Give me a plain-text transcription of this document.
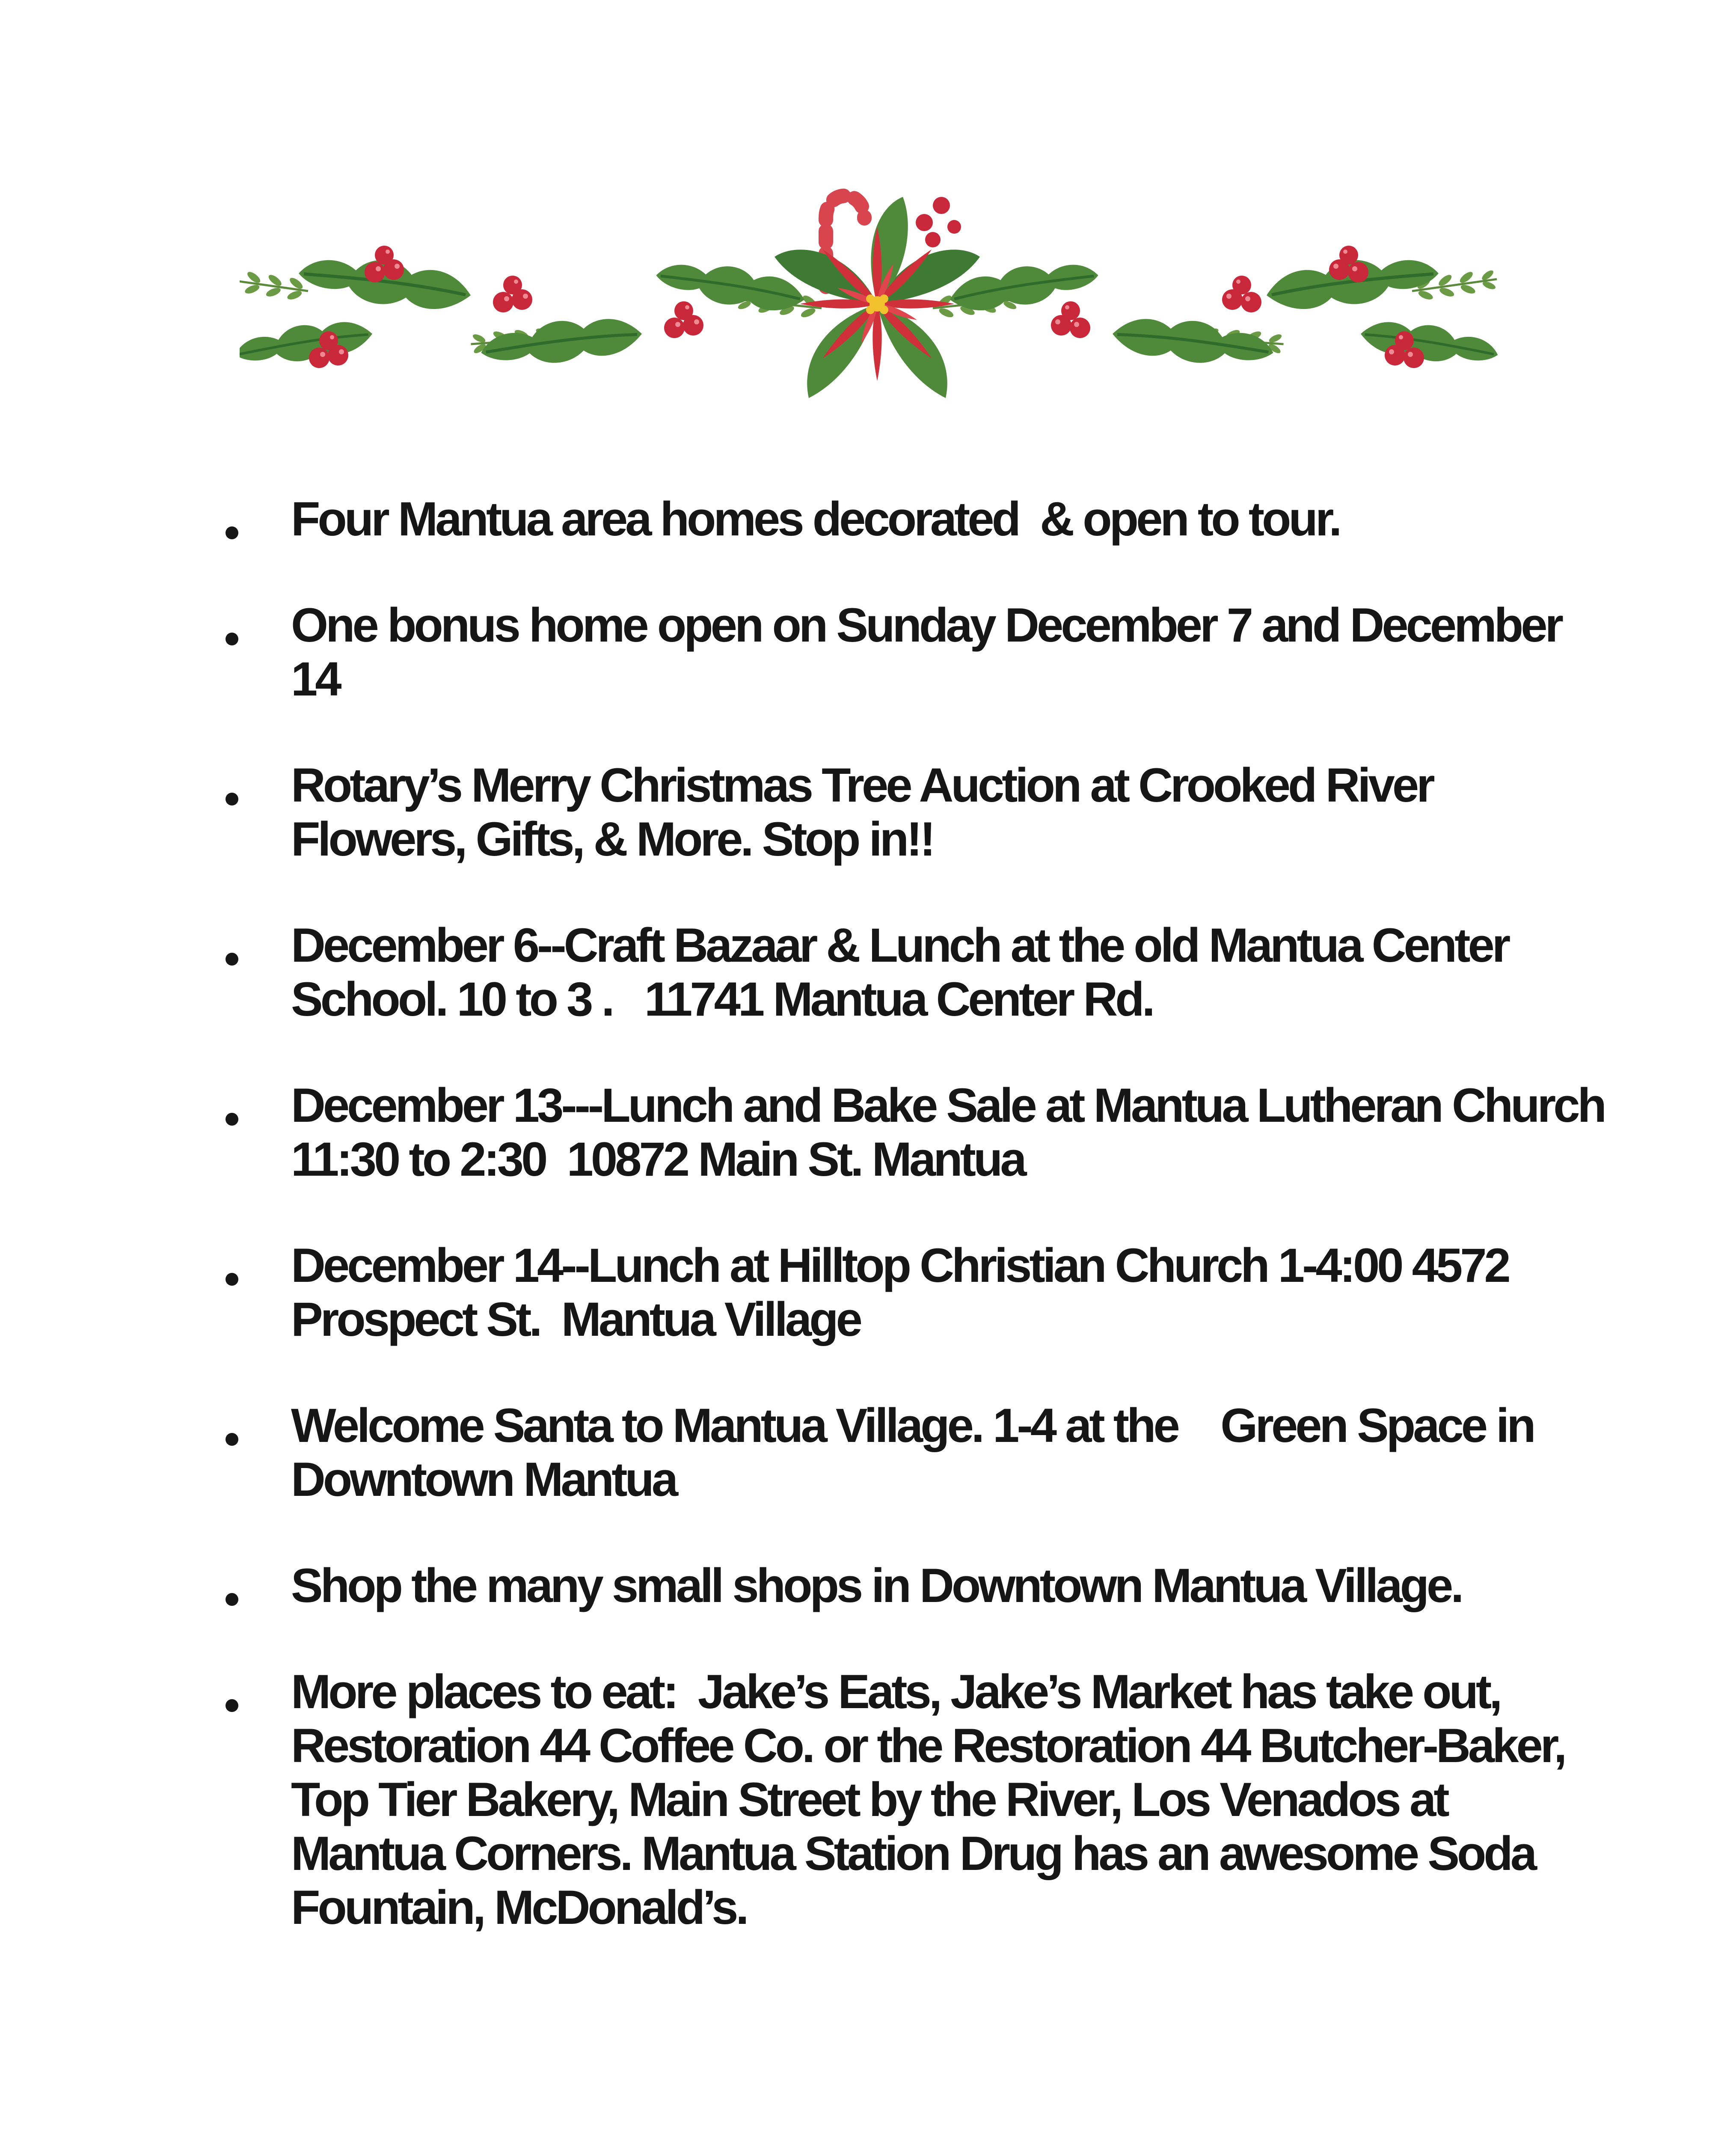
Four Mantua area homes decorated  & open to tour.
One bonus home open on Sunday December 7 and December 14
Rotary’s Merry Christmas Tree Auction at Crooked River Flowers, Gifts, & More. Stop in!!
December 6--Craft Bazaar & Lunch at the old Mantua Center School. 10 to 3 .   11741 Mantua Center Rd.
December 13---Lunch and Bake Sale at Mantua Lutheran Church 11:30 to 2:30  10872 Main St. Mantua
December 14--Lunch at Hilltop Christian Church 1-4:00 4572 Prospect St.  Mantua Village
Welcome Santa to Mantua Village. 1-4 at the    Green Space in Downtown Mantua
Shop the many small shops in Downtown Mantua Village.
More places to eat:  Jake’s Eats, Jake’s Market has take out, Restoration 44 Coffee Co. or the Restoration 44 Butcher-Baker, Top Tier Bakery, Main Street by the River, Los Venados at Mantua Corners. Mantua Station Drug has an awesome Soda Fountain, McDonald’s.
